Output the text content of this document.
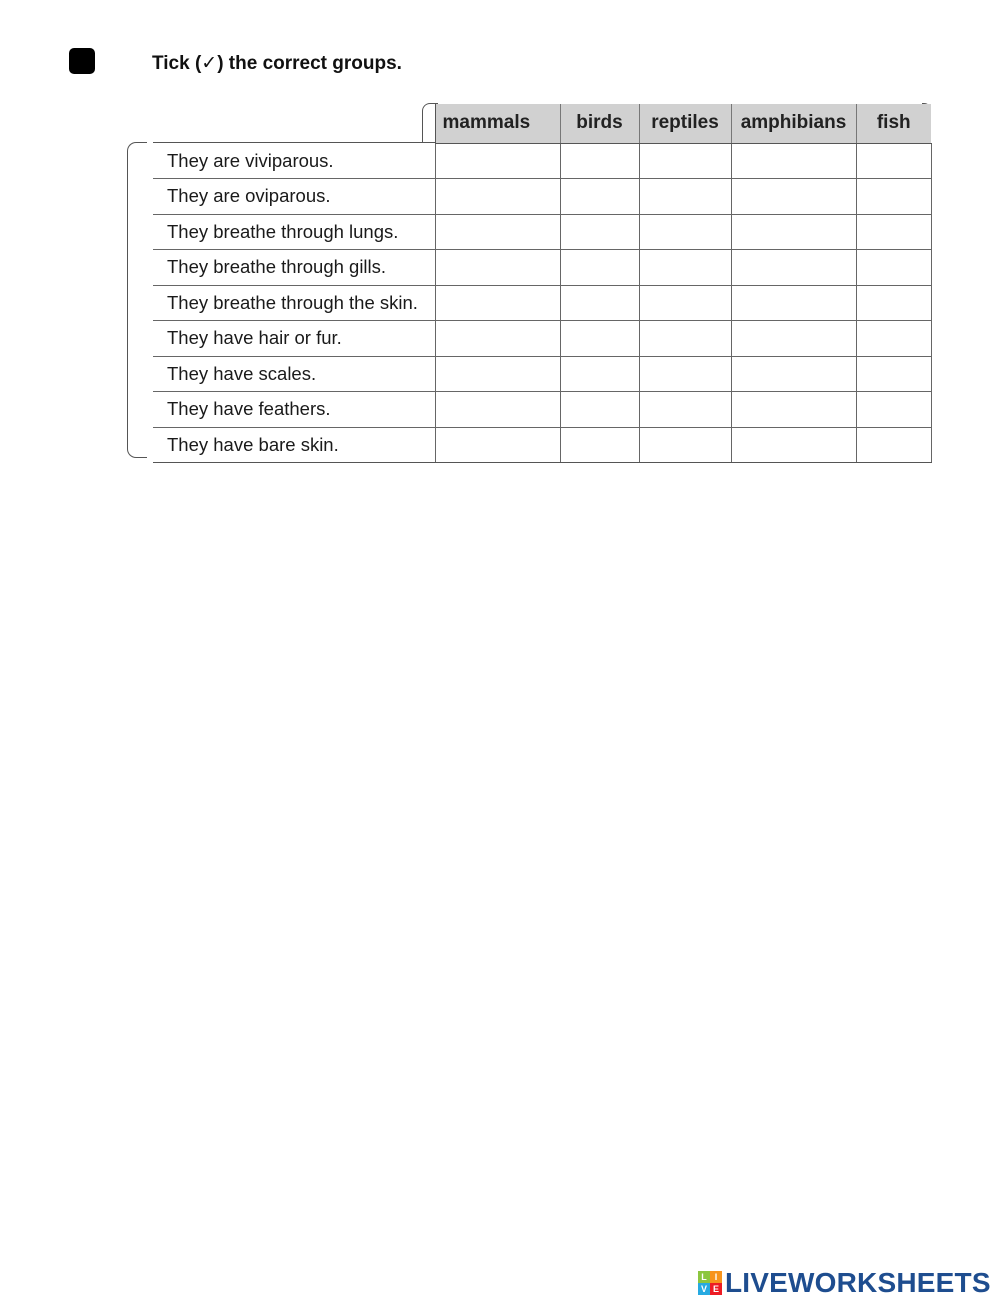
Tick (✓) the correct groups.
	mammals	birds	reptiles	amphibians	fish
They are viviparous.					
They are oviparous.					
They breathe through lungs.					
They breathe through gills.					
They breathe through the skin.					
They have hair or fur.					
They have scales.					
They have feathers.					
They have bare skin.					
L I
V E LIVEWORKSHEETS
